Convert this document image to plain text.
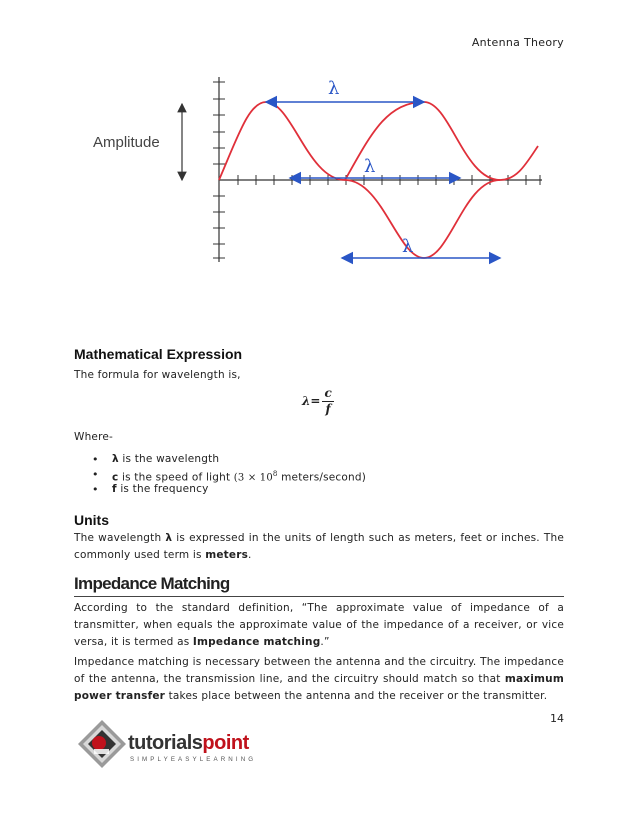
Antenna Theory
Amplitude
λ
λ
λ
Mathematical Expression
The formula for wavelength is,
$\lambda= \frac{c}{f}$
Where-
• λ is the wavelength
• c is the speed of light ($3 \times 10^8$ meters/second)
• f is the frequency
Units
The wavelength λ is expressed in the units of length such as meters, feet or inches. The commonly used term is meters.
Impedance Matching
According to the standard definition, “The approximate value of impedance of a transmitter, when equals the approximate value of the impedance of a receiver, or vice versa, it is termed as Impedance matching.”
Impedance matching is necessary between the antenna and the circuitry. The impedance of the antenna, the transmission line, and the circuitry should match so that maximum power transfer takes place between the antenna and the receiver or the transmitter.
14
tutorialspoint
SIMPLYEASYLEARNING
